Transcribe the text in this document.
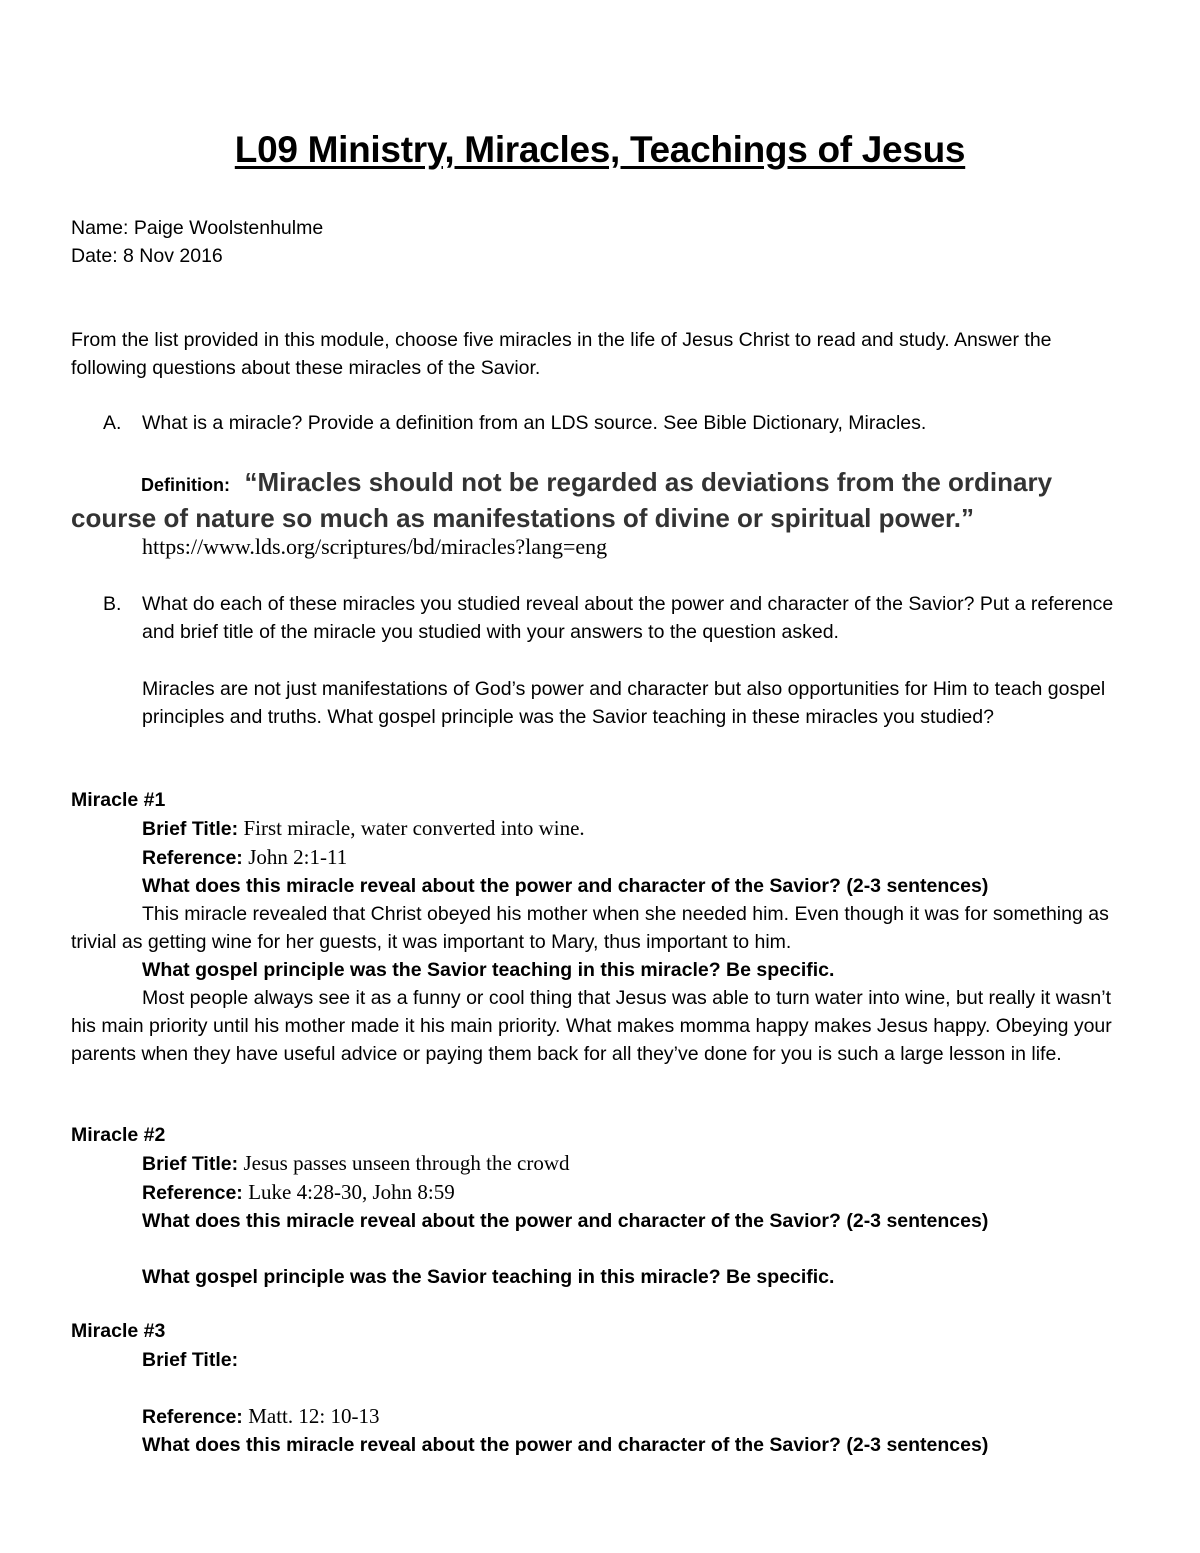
L09 Ministry, Miracles, Teachings of Jesus
Name: Paige Woolstenhulme
Date: 8 Nov 2016
From the list provided in this module, choose five miracles in the life of Jesus Christ to read and study. Answer the following questions about these miracles of the Savior.
A. What is a miracle? Provide a definition from an LDS source. See Bible Dictionary, Miracles.
Definition: “Miracles should not be regarded as deviations from the ordinary course of nature so much as manifestations of divine or spiritual power.”
https://www.lds.org/scriptures/bd/miracles?lang=eng
B. What do each of these miracles you studied reveal about the power and character of the Savior? Put a reference and brief title of the miracle you studied with your answers to the question asked.
Miracles are not just manifestations of God’s power and character but also opportunities for Him to teach gospel principles and truths. What gospel principle was the Savior teaching in these miracles you studied?
Miracle #1
Brief Title: First miracle, water converted into wine.
Reference: John 2:1-11
What does this miracle reveal about the power and character of the Savior? (2-3 sentences)
This miracle revealed that Christ obeyed his mother when she needed him. Even though it was for something as trivial as getting wine for her guests, it was important to Mary, thus important to him.
What gospel principle was the Savior teaching in this miracle? Be specific.
Most people always see it as a funny or cool thing that Jesus was able to turn water into wine, but really it wasn’t his main priority until his mother made it his main priority. What makes momma happy makes Jesus happy. Obeying your parents when they have useful advice or paying them back for all they’ve done for you is such a large lesson in life.
Miracle #2
Brief Title: Jesus passes unseen through the crowd
Reference: Luke 4:28-30, John 8:59
What does this miracle reveal about the power and character of the Savior? (2-3 sentences)
What gospel principle was the Savior teaching in this miracle? Be specific.
Miracle #3
Brief Title:
Reference: Matt. 12: 10-13
What does this miracle reveal about the power and character of the Savior? (2-3 sentences)
